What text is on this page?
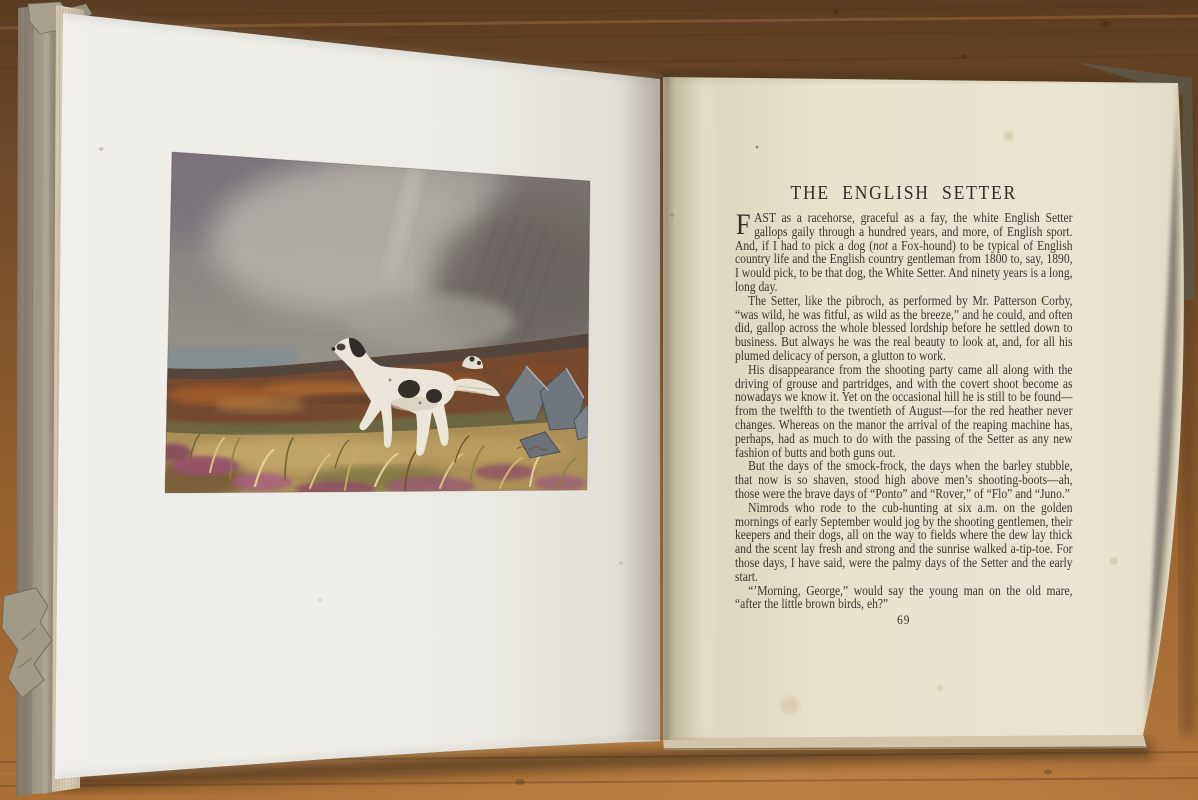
THE ENGLISH SETTER

FAST as a racehorse, graceful as a fay, the white English Setter gallops gaily through a hundred years, and more, of English sport. And, if I had to pick a dog (not a Fox-hound) to be typical of English country life and the English country gentleman from 1800 to, say, 1890, I would pick, to be that dog, the White Setter. And ninety years is a long, long day.

The Setter, like the pibroch, as performed by Mr. Patterson Corby, “was wild, he was fitful, as wild as the breeze,” and he could, and often did, gallop across the whole blessed lordship before he settled down to business. But always he was the real beauty to look at, and, for all his plumed delicacy of person, a glutton to work.

His disappearance from the shooting party came all along with the driving of grouse and partridges, and with the covert shoot become as nowadays we know it. Yet on the occasional hill he is still to be found—from the twelfth to the twentieth of August—for the red heather never changes. Whereas on the manor the arrival of the reaping machine has, perhaps, had as much to do with the passing of the Setter as any new fashion of butts and both guns out.

But the days of the smock-frock, the days when the barley stubble, that now is so shaven, stood high above men’s shooting-boots—ah, those were the brave days of “Ponto” and “Rover,” of “Flo” and “Juno.”

Nimrods who rode to the cub-hunting at six a.m. on the golden mornings of early September would jog by the shooting gentlemen, their keepers and their dogs, all on the way to fields where the dew lay thick and the scent lay fresh and strong and the sunrise walked a-tip-toe. For those days, I have said, were the palmy days of the Setter and the early start.

“’Morning, George,” would say the young man on the old mare, “after the little brown birds, eh?”

69
